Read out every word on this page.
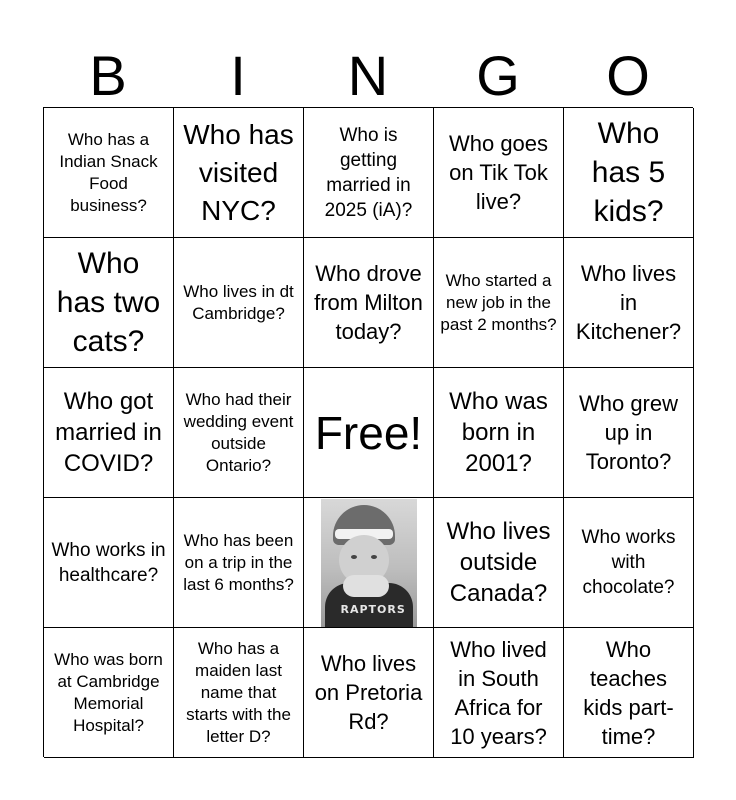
B	I	N	G	O
Who has a Indian Snack Food business?
Who has visited NYC?
Who is getting married in 2025 (iA)?
Who goes on Tik Tok live?
Who has 5 kids?
Who has two cats?
Who lives in dt Cambridge?
Who drove from Milton today?
Who started a new job in the past 2 months?
Who lives in Kitchener?
Who got married in COVID?
Who had their wedding event outside Ontario?
Free!
Who was born in 2001?
Who grew up in Toronto?
Who works in healthcare?
Who has been on a trip in the last 6 months?
RAPTORS
Who lives outside Canada?
Who works with chocolate?
Who was born at Cambridge Memorial Hospital?
Who has a maiden last name that starts with the letter D?
Who lives on Pretoria Rd?
Who lived in South Africa for 10 years?
Who teaches kids part-time?
